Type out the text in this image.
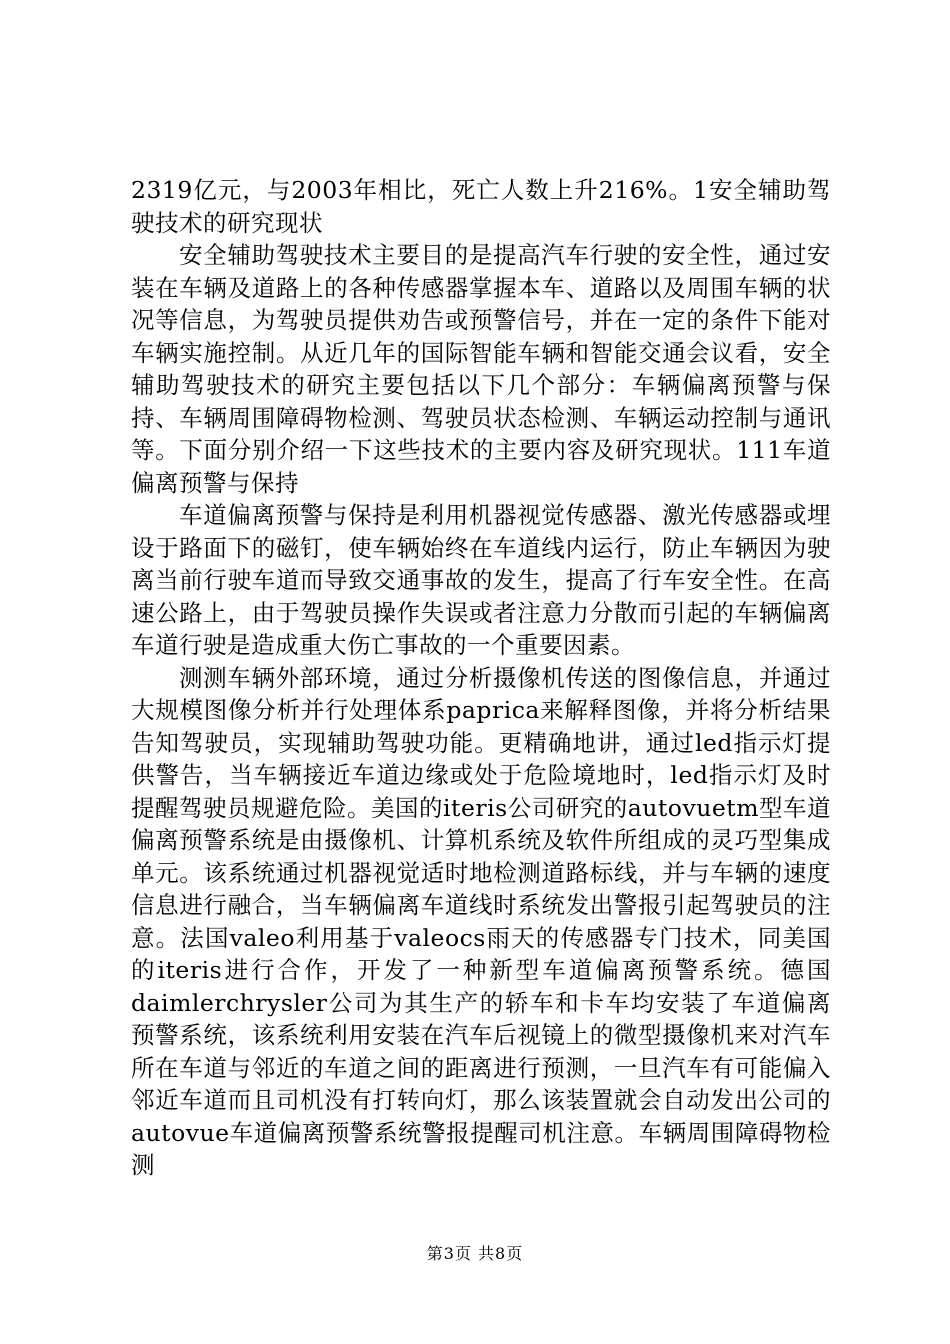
2319亿元，与2003年相比，死亡人数上升216%。1安全辅助驾驶技术的研究现状

安全辅助驾驶技术主要目的是提高汽车行驶的安全性，通过安装在车辆及道路上的各种传感器掌握本车、道路以及周围车辆的状况等信息，为驾驶员提供劝告或预警信号，并在一定的条件下能对车辆实施控制。从近几年的国际智能车辆和智能交通会议看，安全辅助驾驶技术的研究主要包括以下几个部分：车辆偏离预警与保持、车辆周围障碍物检测、驾驶员状态检测、车辆运动控制与通讯等。下面分别介绍一下这些技术的主要内容及研究现状。111车道偏离预警与保持

车道偏离预警与保持是利用机器视觉传感器、激光传感器或埋设于路面下的磁钉，使车辆始终在车道线内运行，防止车辆因为驶离当前行驶车道而导致交通事故的发生，提高了行车安全性。在高速公路上，由于驾驶员操作失误或者注意力分散而引起的车辆偏离车道行驶是造成重大伤亡事故的一个重要因素。

测测车辆外部环境，通过分析摄像机传送的图像信息，并通过大规模图像分析并行处理体系paprica来解释图像，并将分析结果告知驾驶员，实现辅助驾驶功能。更精确地讲，通过led指示灯提供警告，当车辆接近车道边缘或处于危险境地时，led指示灯及时提醒驾驶员规避危险。美国的iteris公司研究的autovuetm型车道偏离预警系统是由摄像机、计算机系统及软件所组成的灵巧型集成单元。该系统通过机器视觉适时地检测道路标线，并与车辆的速度信息进行融合，当车辆偏离车道线时系统发出警报引起驾驶员的注意。法国valeo利用基于valeocs雨天的传感器专门技术，同美国的iteris进行合作，开发了一种新型车道偏离预警系统。德国daimlerchrysler公司为其生产的轿车和卡车均安装了车道偏离预警系统，该系统利用安装在汽车后视镜上的微型摄像机来对汽车所在车道与邻近的车道之间的距离进行预测，一旦汽车有可能偏入邻近车道而且司机没有打转向灯，那么该装置就会自动发出公司的autovue车道偏离预警系统警报提醒司机注意。车辆周围障碍物检测

第3页 共8页
